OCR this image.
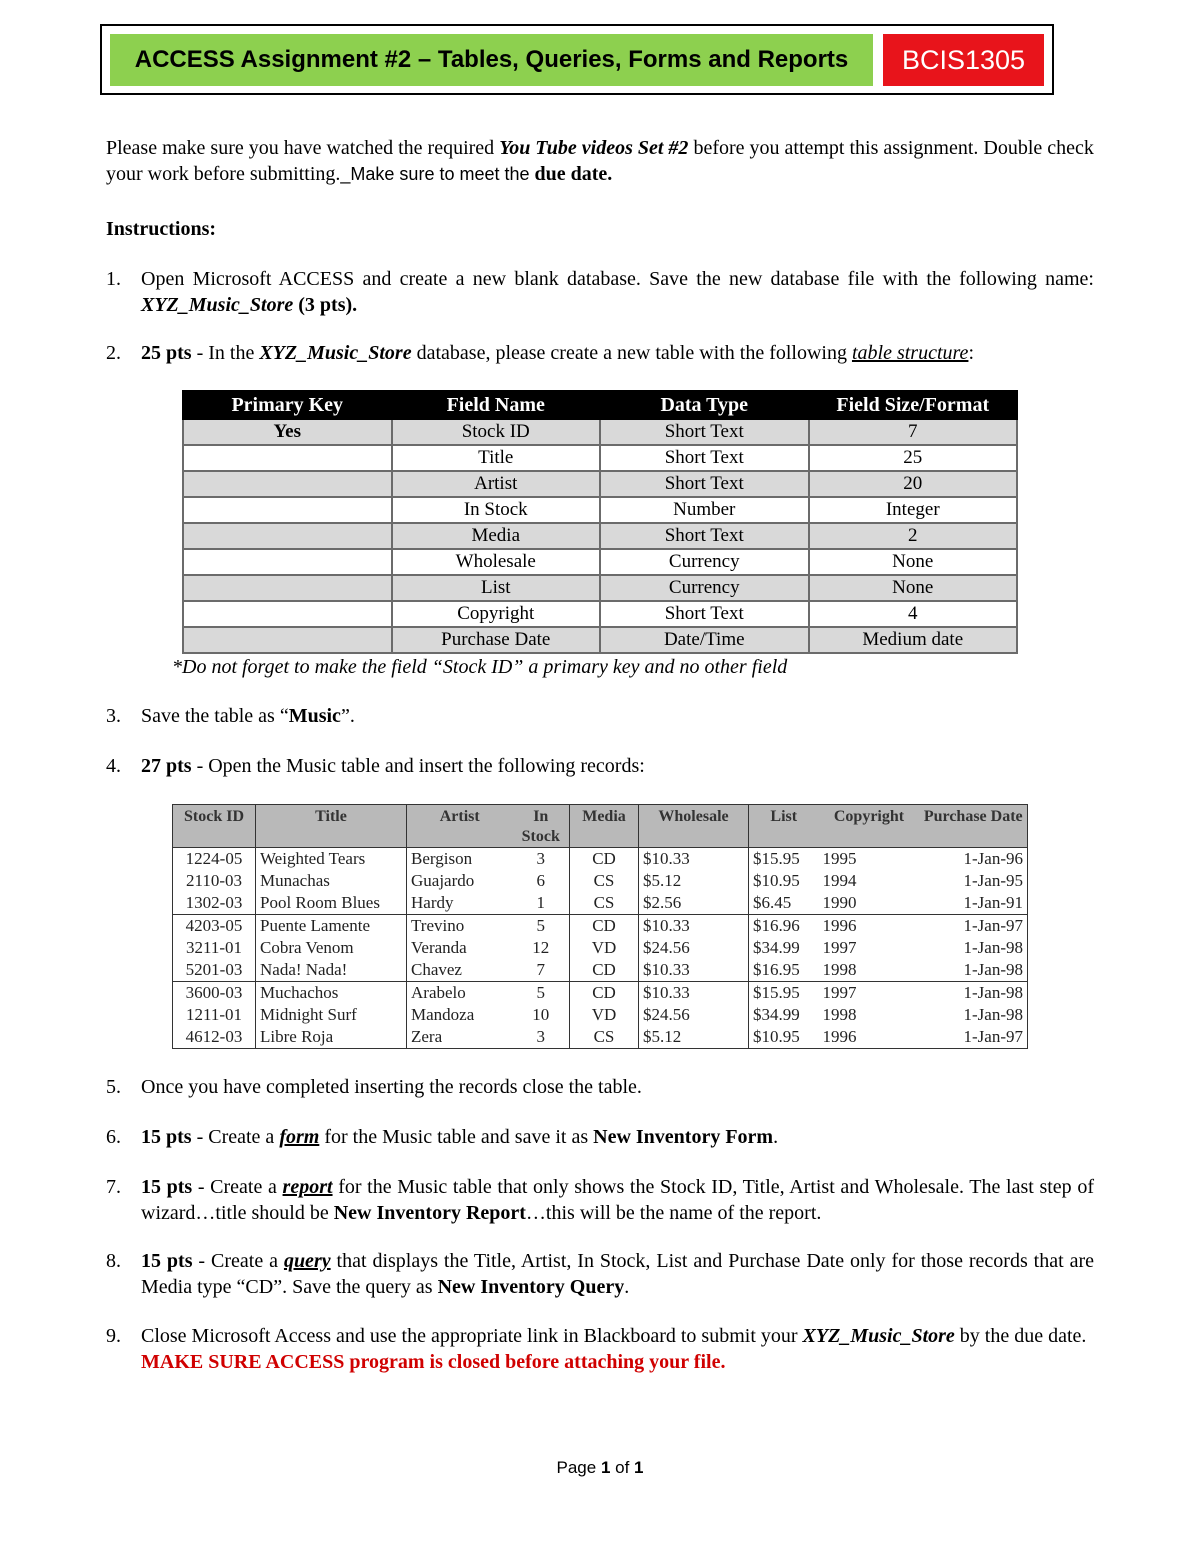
ACCESS Assignment #2 – Tables, Queries, Forms and Reports	BCIS1305
Please make sure you have watched the required You Tube videos Set #2 before you attempt this assignment. Double check your work before submitting._Make sure to meet the due date.
Instructions:
1. Open Microsoft ACCESS and create a new blank database. Save the new database file with the following name: XYZ_Music_Store (3 pts).
2. 25 pts - In the XYZ_Music_Store database, please create a new table with the following table structure:
Primary Key	Field Name	Data Type	Field Size/Format
Yes	Stock ID	Short Text	7
	Title	Short Text	25
	Artist	Short Text	20
	In Stock	Number	Integer
	Media	Short Text	2
	Wholesale	Currency	None
	List	Currency	None
	Copyright	Short Text	4
	Purchase Date	Date/Time	Medium date
*Do not forget to make the field “Stock ID” a primary key and no other field
3. Save the table as “Music”.
4. 27 pts - Open the Music table and insert the following records:
Stock ID	Title	Artist	In Stock	Media	Wholesale	List	Copyright	Purchase Date
1224-05	Weighted Tears	Bergison	3	CD	$10.33	$15.95	1995	1-Jan-96
2110-03	Munachas	Guajardo	6	CS	$5.12	$10.95	1994	1-Jan-95
1302-03	Pool Room Blues	Hardy	1	CS	$2.56	$6.45	1990	1-Jan-91
4203-05	Puente Lamente	Trevino	5	CD	$10.33	$16.96	1996	1-Jan-97
3211-01	Cobra Venom	Veranda	12	VD	$24.56	$34.99	1997	1-Jan-98
5201-03	Nada! Nada!	Chavez	7	CD	$10.33	$16.95	1998	1-Jan-98
3600-03	Muchachos	Arabelo	5	CD	$10.33	$15.95	1997	1-Jan-98
1211-01	Midnight Surf	Mandoza	10	VD	$24.56	$34.99	1998	1-Jan-98
4612-03	Libre Roja	Zera	3	CS	$5.12	$10.95	1996	1-Jan-97
5. Once you have completed inserting the records close the table.
6. 15 pts - Create a form for the Music table and save it as New Inventory Form.
7. 15 pts - Create a report for the Music table that only shows the Stock ID, Title, Artist and Wholesale. The last step of wizard…title should be New Inventory Report…this will be the name of the report.
8. 15 pts - Create a query that displays the Title, Artist, In Stock, List and Purchase Date only for those records that are Media type “CD”. Save the query as New Inventory Query.
9. Close Microsoft Access and use the appropriate link in Blackboard to submit your XYZ_Music_Store by the due date. MAKE SURE ACCESS program is closed before attaching your file.
Page 1 of 1
